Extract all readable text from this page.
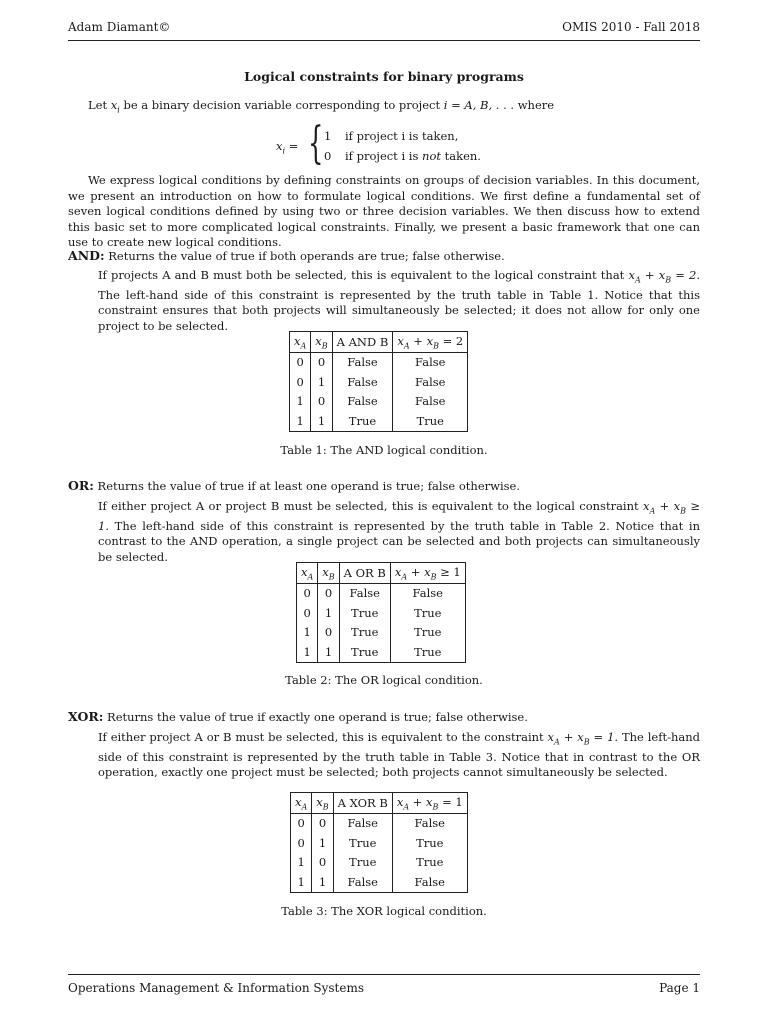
Adam Diamant©	OMIS 2010 - Fall 2018
Logical constraints for binary programs
Let $x_i$ be a binary decision variable corresponding to project i = A, B, . . . where
$x_i$ = { 1 if project i is taken,
0 if project i is not taken.
We express logical conditions by defining constraints on groups of decision variables. In this document, we present an introduction on how to formulate logical conditions. We first define a fundamental set of seven logical conditions defined by using two or three decision variables. We then discuss how to extend this basic set to more complicated logical constraints. Finally, we present a basic framework that one can use to create new logical conditions.
AND: Returns the value of true if both operands are true; false otherwise.
If projects A and B must both be selected, this is equivalent to the logical constraint that $x_A + x_B = 2$. The left-hand side of this constraint is represented by the truth table in Table 1. Notice that this constraint ensures that both projects will simultaneously be selected; it does not allow for only one project to be selected.
$x_A$	$x_B$	A AND B	$x_A + x_B = 2$
0	0	False	False
0	1	False	False
1	0	False	False
1	1	True	True
Table 1: The AND logical condition.
OR: Returns the value of true if at least one operand is true; false otherwise.
If either project A or project B must be selected, this is equivalent to the logical constraint $x_A + x_B \ge 1$. The left-hand side of this constraint is represented by the truth table in Table 2. Notice that in contrast to the AND operation, a single project can be selected and both projects can simultaneously be selected.
$x_A$	$x_B$	A OR B	$x_A + x_B \ge 1$
0	0	False	False
0	1	True	True
1	0	True	True
1	1	True	True
Table 2: The OR logical condition.
XOR: Returns the value of true if exactly one operand is true; false otherwise.
If either project A or B must be selected, this is equivalent to the constraint $x_A + x_B = 1$. The left-hand side of this constraint is represented by the truth table in Table 3. Notice that in contrast to the OR operation, exactly one project must be selected; both projects cannot simultaneously be selected.
$x_A$	$x_B$	A XOR B	$x_A + x_B = 1$
0	0	False	False
0	1	True	True
1	0	True	True
1	1	False	False
Table 3: The XOR logical condition.
Operations Management & Information Systems	Page 1
